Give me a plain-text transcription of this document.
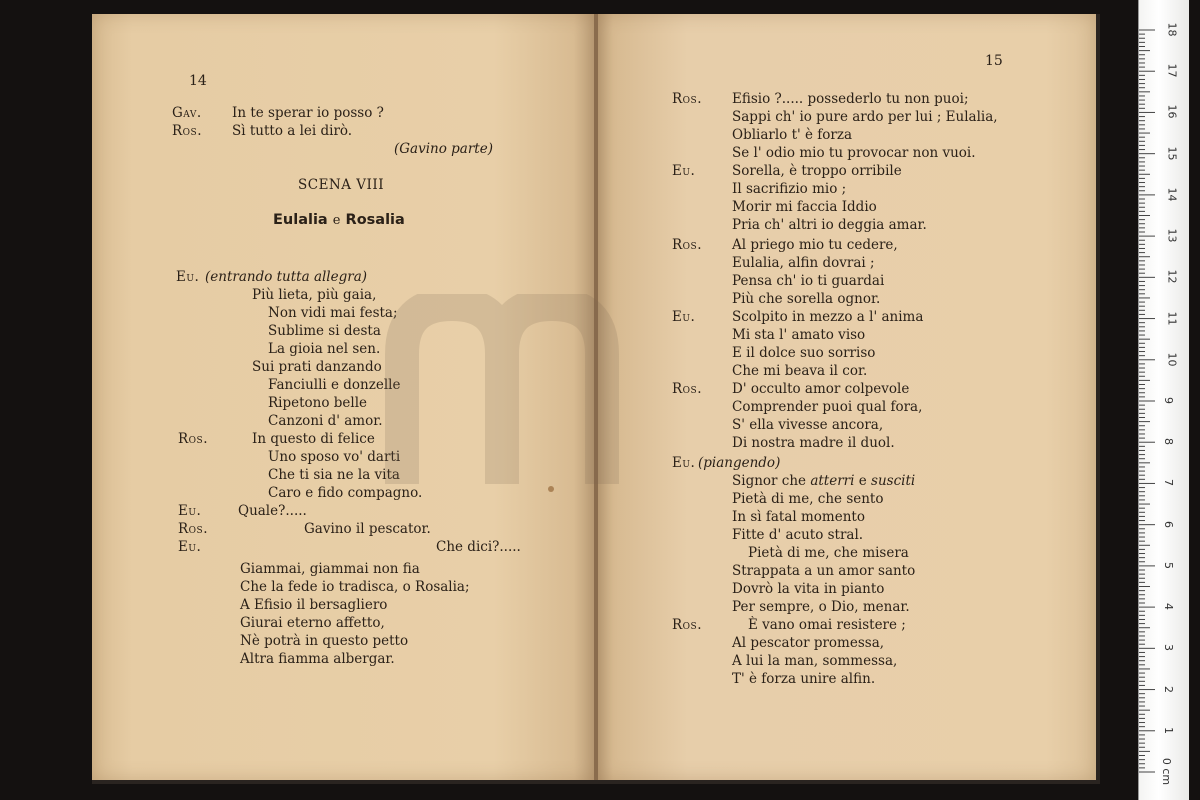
14
Gav. In te sperar io posso ?
Ros. Sì tutto a lei dirò.
(Gavino parte)
SCENA VIII
Eulalia e Rosalia
Eu. (entrando tutta allegra)
Più lieta, più gaia,
Non vidi mai festa;
Sublime si desta
La gioia nel sen.
Sui prati danzando
Fanciulli e donzelle
Ripetono belle
Canzoni d' amor.
Ros.	In questo di felice
Uno sposo vo' darti
Che ti sia ne la vita
Caro e fido compagno.
Eu.	Quale?.....
Ros.	Gavino il pescator.
Eu.	Che dici?.....
Giammai, giammai non fia
Che la fede io tradisca, o Rosalia;
A Efisio il bersagliero
Giurai eterno affetto,
Nè potrà in questo petto
Altra fiamma albergar.
15
Ros. Efisio ?..... possederlo tu non puoi;
Sappi ch' io pure ardo per lui ; Eulalia,
Obliarlo t' è forza
Se l' odio mio tu provocar non vuoi.
Eu.	Sorella, è troppo orribile
Il sacrifizio mio ;
Morir mi faccia Iddio
Pria ch' altri io deggia amar.
Ros. Al priego mio tu cedere,
Eulalia, alfin dovrai ;
Pensa ch' io ti guardai
Più che sorella ognor.
Eu.	Scolpito in mezzo a l' anima
Mi sta l' amato viso
E il dolce suo sorriso
Che mi beava il cor.
Ros. D' occulto amor colpevole
Comprender puoi qual fora,
S' ella vivesse ancora,
Di nostra madre il duol.
Eu. (piangendo)
Signor che atterri e susciti
Pietà di me, che sento
In sì fatal momento
Fitte d' acuto stral.
Pietà di me, che misera
Strappata a un amor santo
Dovrò la vita in pianto
Per sempre, o Dio, menar.
Ros.	È vano omai resistere ;
Al pescator promessa,
A lui la man, sommessa,
T' è forza unire alfin.
0 cm
1
2
3
4
5
6
7
8
9
10
11
12
13
14
15
16
17
18
